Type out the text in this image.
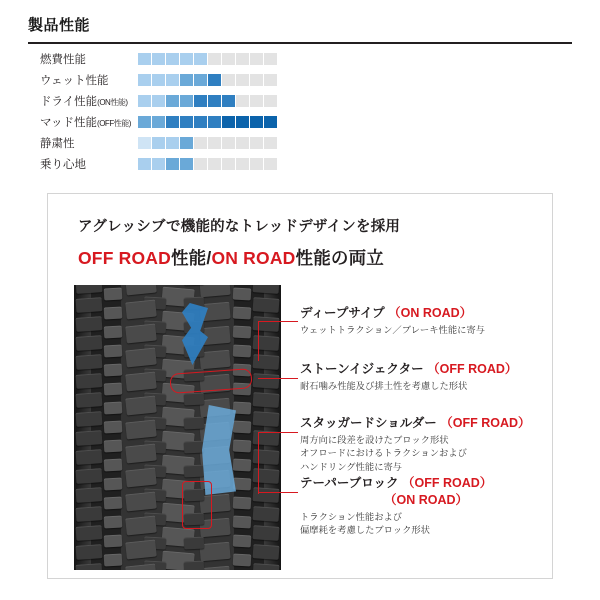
製品性能
燃費性能
ウェット性能
ドライ性能(ON性能)
マッド性能(OFF性能)
静粛性
乗り心地
アグレッシブで機能的なトレッドデザインを採用
OFF ROAD性能/ON ROAD性能の両立
ディープサイプ （ON ROAD）
ウェットトラクション／ブレーキ性能に寄与
ストーンイジェクター （OFF ROAD）
耐石噛み性能及び排土性を考慮した形状
スタッガードショルダー （OFF ROAD）
周方向に段差を設けたブロック形状
オフロードにおけるトラクションおよび
ハンドリング性能に寄与
テーパーブロック （OFF ROAD）
（ON ROAD）
トラクション性能および
偏摩耗を考慮したブロック形状
